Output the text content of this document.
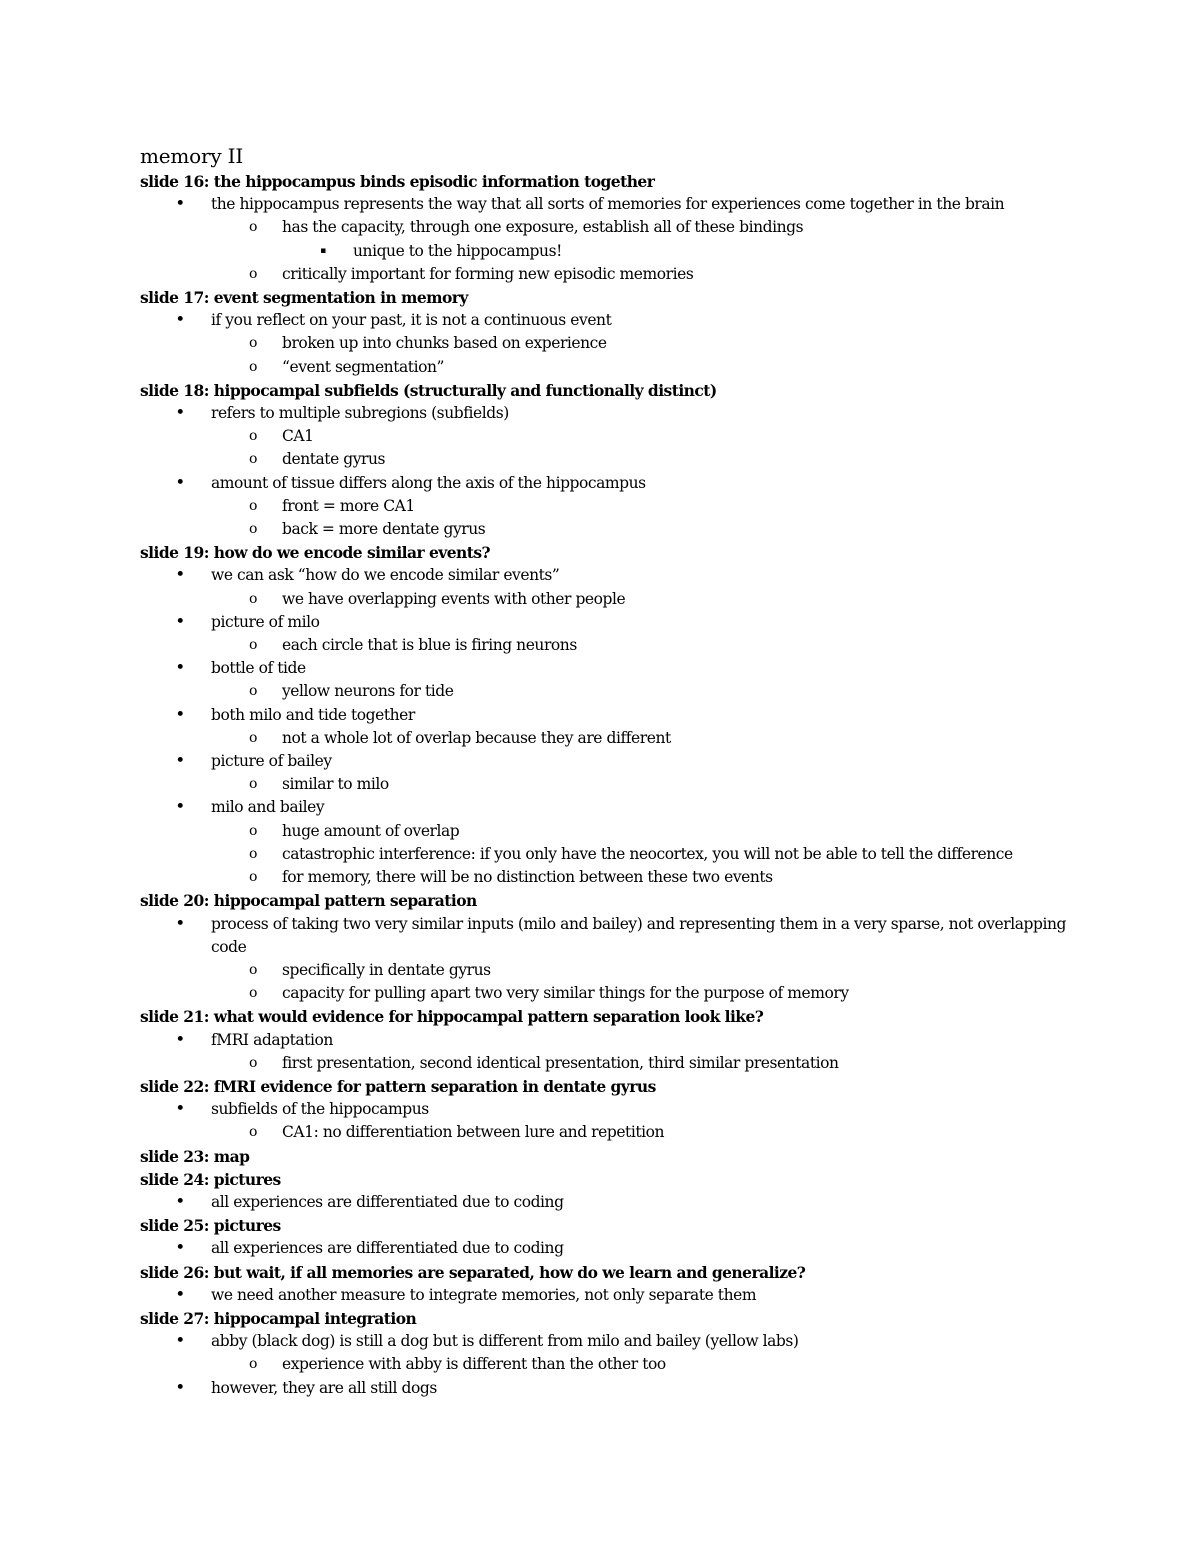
memory II
slide 16: the hippocampus binds episodic information together
•	the hippocampus represents the way that all sorts of memories for experiences come together in the brain
o	has the capacity, through one exposure, establish all of these bindings
▪	unique to the hippocampus!
o	critically important for forming new episodic memories
slide 17: event segmentation in memory
•	if you reflect on your past, it is not a continuous event
o	broken up into chunks based on experience
o	“event segmentation”
slide 18: hippocampal subfields (structurally and functionally distinct)
•	refers to multiple subregions (subfields)
o	CA1
o	dentate gyrus
•	amount of tissue differs along the axis of the hippocampus
o	front = more CA1
o	back = more dentate gyrus
slide 19: how do we encode similar events?
•	we can ask “how do we encode similar events”
o	we have overlapping events with other people
•	picture of milo
o	each circle that is blue is firing neurons
•	bottle of tide
o	yellow neurons for tide
•	both milo and tide together
o	not a whole lot of overlap because they are different
•	picture of bailey
o	similar to milo
•	milo and bailey
o	huge amount of overlap
o	catastrophic interference: if you only have the neocortex, you will not be able to tell the difference
o	for memory, there will be no distinction between these two events
slide 20: hippocampal pattern separation
•	process of taking two very similar inputs (milo and bailey) and representing them in a very sparse, not overlapping code
o	specifically in dentate gyrus
o	capacity for pulling apart two very similar things for the purpose of memory
slide 21: what would evidence for hippocampal pattern separation look like?
•	fMRI adaptation
o	first presentation, second identical presentation, third similar presentation
slide 22: fMRI evidence for pattern separation in dentate gyrus
•	subfields of the hippocampus
o	CA1: no differentiation between lure and repetition
slide 23: map
slide 24: pictures
•	all experiences are differentiated due to coding
slide 25: pictures
•	all experiences are differentiated due to coding
slide 26: but wait, if all memories are separated, how do we learn and generalize?
•	we need another measure to integrate memories, not only separate them
slide 27: hippocampal integration
•	abby (black dog) is still a dog but is different from milo and bailey (yellow labs)
o	experience with abby is different than the other too
•	however, they are all still dogs
